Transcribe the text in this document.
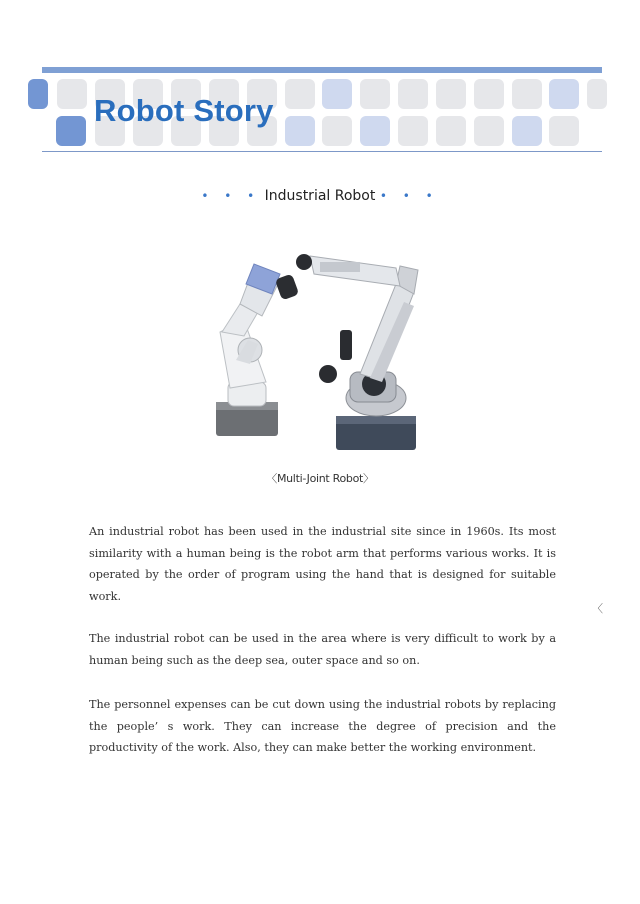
Robot Story
• • • Industrial Robot • • •
〈Multi-Joint Robot〉

An industrial robot has been used in the industrial site since in 1960s. Its most similarity with a human being is the robot arm that performs various works. It is operated by the order of program using the hand that is designed for suitable work.

The industrial robot can be used in the area where is very difficult to work by a human being such as the deep sea, outer space and so on.

The personnel expenses can be cut down using the industrial robots by replacing the people’ s work. They can increase the degree of precision and the productivity of the work. Also, they can make better the working environment.

〈
